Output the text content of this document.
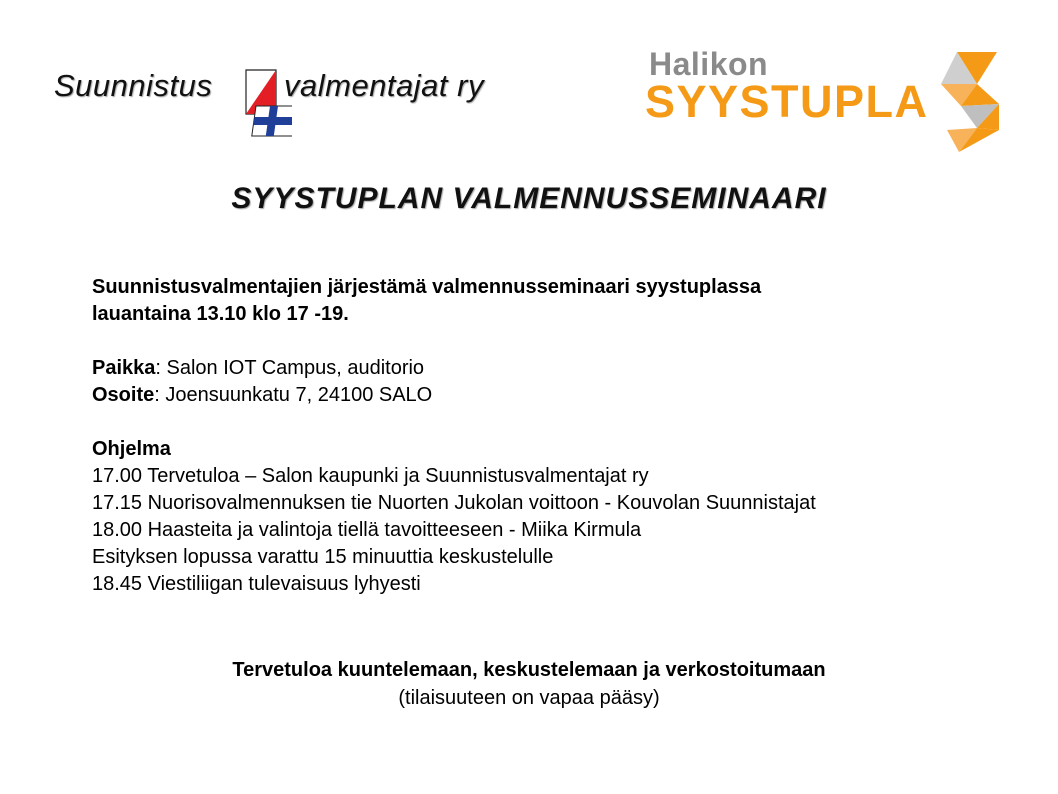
Suunnistus valmentajat ry
Halikon
SYYSTUPLA
SYYSTUPLAN VALMENNUSSEMINAARI
Suunnistusvalmentajien järjestämä valmennusseminaari syystuplassa
lauantaina 13.10 klo 17 -19.
Paikka: Salon IOT Campus, auditorio
Osoite: Joensuunkatu 7, 24100 SALO
Ohjelma
17.00 Tervetuloa – Salon kaupunki ja Suunnistusvalmentajat ry
17.15 Nuorisovalmennuksen tie Nuorten Jukolan voittoon - Kouvolan Suunnistajat
18.00 Haasteita ja valintoja tiellä tavoitteeseen - Miika Kirmula
Esityksen lopussa varattu 15 minuuttia keskustelulle
18.45 Viestiliigan tulevaisuus lyhyesti
Tervetuloa kuuntelemaan, keskustelemaan ja verkostoitumaan
(tilaisuuteen on vapaa pääsy)
